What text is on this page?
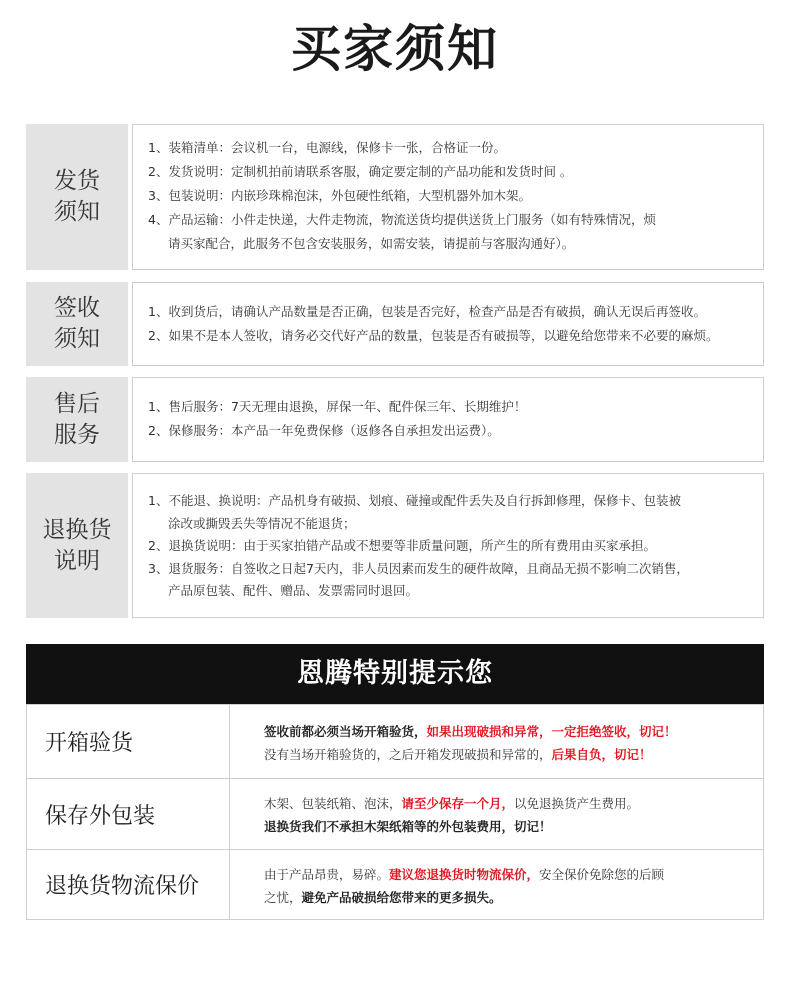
买家须知
发货
须知
1、装箱清单：会议机一台，电源线，保修卡一张，合格证一份。
2、发货说明：定制机拍前请联系客服，确定要定制的产品功能和发货时间 。
3、包装说明：内嵌珍珠棉泡沫，外包硬性纸箱，大型机器外加木架。
4、产品运输：小件走快递，大件走物流，物流送货均提供送货上门服务（如有特殊情况，烦
请买家配合，此服务不包含安装服务，如需安装，请提前与客服沟通好）。
签收
须知
1、收到货后，请确认产品数量是否正确，包装是否完好，检查产品是否有破损，确认无误后再签收。
2、如果不是本人签收，请务必交代好产品的数量，包装是否有破损等，以避免给您带来不必要的麻烦。
售后
服务
1、售后服务：7天无理由退换，屏保一年、配件保三年、长期维护！
2、保修服务：本产品一年免费保修（返修各自承担发出运费）。
退换货
说明
1、不能退、换说明：产品机身有破损、划痕、碰撞或配件丢失及自行拆卸修理，保修卡、包装被
涂改或撕毁丢失等情况不能退货；
2、退换货说明：由于买家拍错产品或不想要等非质量问题，所产生的所有费用由买家承担。
3、退货服务：自签收之日起7天内，非人员因素而发生的硬件故障，且商品无损不影响二次销售，
产品原包装、配件、赠品、发票需同时退回。
恩腾特别提示您
开箱验货	签收前都必须当场开箱验货，如果出现破损和异常，一定拒绝签收，切记！
没有当场开箱验货的，之后开箱发现破损和异常的，后果自负，切记！
保存外包装	木架、包装纸箱、泡沫，请至少保存一个月，以免退换货产生费用。
退换货我们不承担木架纸箱等的外包装费用，切记！
退换货物流保价	由于产品昂贵，易碎。建议您退换货时物流保价，安全保价免除您的后顾
之忧，避免产品破损给您带来的更多损失。
